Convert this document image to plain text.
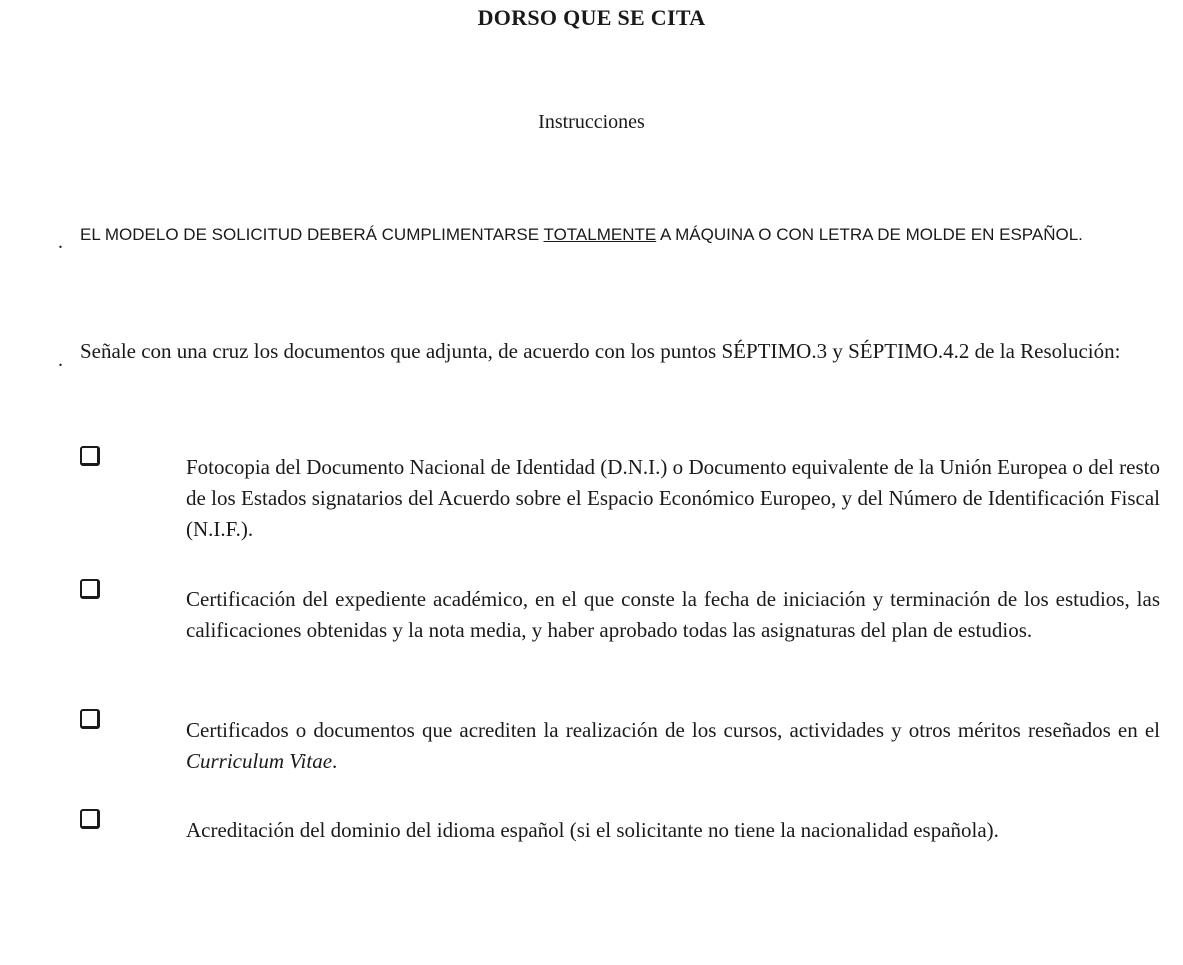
DORSO QUE SE CITA
Instrucciones
. EL MODELO DE SOLICITUD DEBERÁ CUMPLIMENTARSE TOTALMENTE A MÁQUINA O CON LETRA DE MOLDE EN ESPAÑOL.
. Señale con una cruz los documentos que adjunta, de acuerdo con los puntos SÉPTIMO.3 y SÉPTIMO.4.2 de la Resolución:
Fotocopia del Documento Nacional de Identidad (D.N.I.) o Documento equivalente de la Unión Europea o del resto de los Estados signatarios del Acuerdo sobre el Espacio Económico Europeo, y del Número de Identificación Fiscal (N.I.F.).
Certificación del expediente académico, en el que conste la fecha de iniciación y terminación de los estudios, las calificaciones obtenidas y la nota media, y haber aprobado todas las asignaturas del plan de estudios.
Certificados o documentos que acrediten la realización de los cursos, actividades y otros méritos reseñados en el Curriculum Vitae.
Acreditación del dominio del idioma español (si el solicitante no tiene la nacionalidad española).
